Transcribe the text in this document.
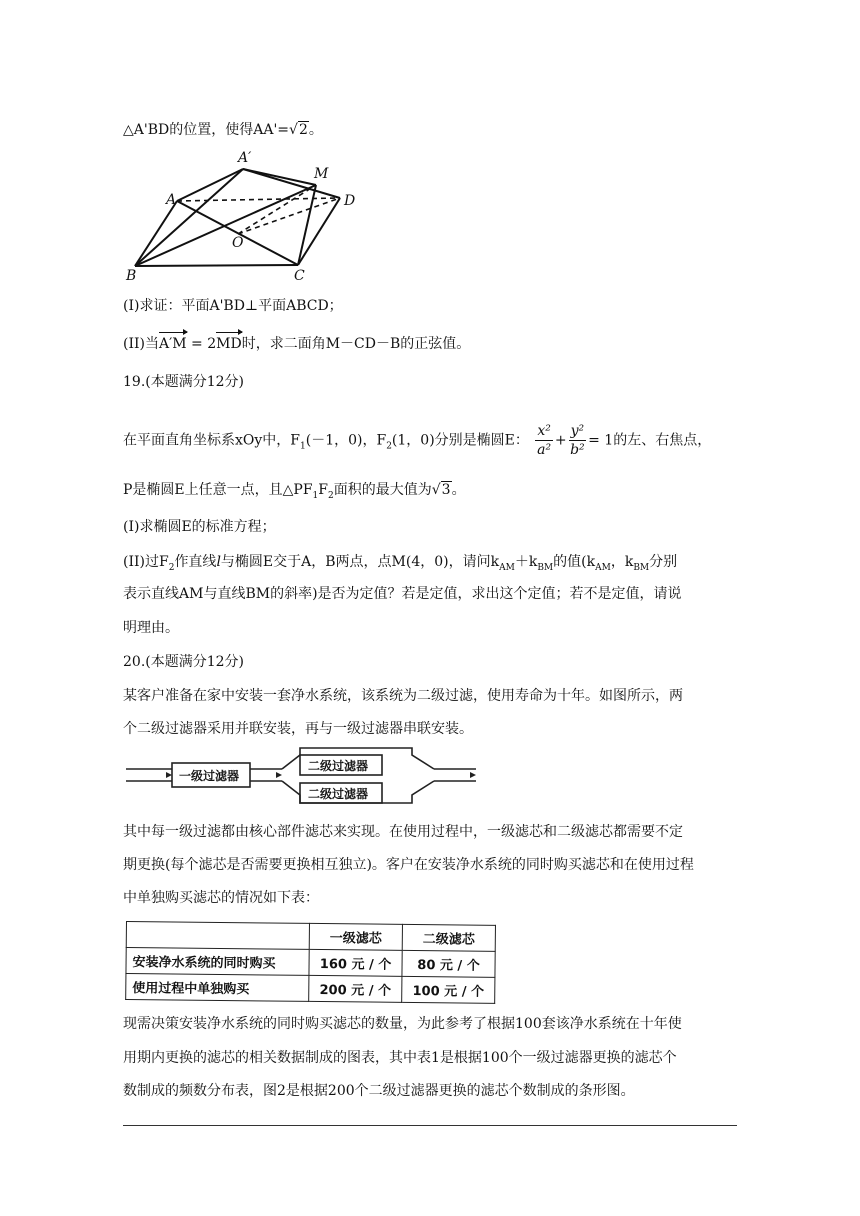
△A'BD的位置，使得AA'=√2。
A′
M
A	D
O
B	C
(I)求证：平面A'BD⊥平面ABCD；
(II)当A′M = 2MD时，求二面角M－CD－B的正弦值。
19.(本题满分12分)
在平面直角坐标系xOy中，$F_1(-1$，0)，$F_2(1$，0)分别是椭圆E： $\frac{\text{x²}}{\text{a²}} + \frac{\text{y²}}{\text{b²}} = 1$的左、右焦点，
P是椭圆E上任意一点，且$\triangle PF_1F_2$面积的最大值为√3。
(I)求椭圆E的标准方程；
(II)过$F_2$作直线l与椭圆E交于A，B两点，点M(4，0)，请问$k_{AM}+k_{BM}$的值($k_{AM}$，$k_{BM}$分别
表示直线AM与直线BM的斜率)是否为定值？若是定值，求出这个定值；若不是定值，请说
明理由。
20.(本题满分12分)
某客户准备在家中安装一套净水系统，该系统为二级过滤，使用寿命为十年。如图所示，两
个二级过滤器采用并联安装，再与一级过滤器串联安装。
一级过滤器
二级过滤器
二级过滤器
其中每一级过滤都由核心部件滤芯来实现。在使用过程中，一级滤芯和二级滤芯都需要不定
期更换(每个滤芯是否需要更换相互独立)。客户在安装净水系统的同时购买滤芯和在使用过程
中单独购买滤芯的情况如下表：
	一级滤芯	二级滤芯
安装净水系统的同时购买	160 元 / 个	80 元 / 个
使用过程中单独购买	200 元 / 个	100 元 / 个
现需决策安装净水系统的同时购买滤芯的数量，为此参考了根据100套该净水系统在十年使
用期内更换的滤芯的相关数据制成的图表，其中表1是根据100个一级过滤器更换的滤芯个
数制成的频数分布表，图2是根据200个二级过滤器更换的滤芯个数制成的条形图。
